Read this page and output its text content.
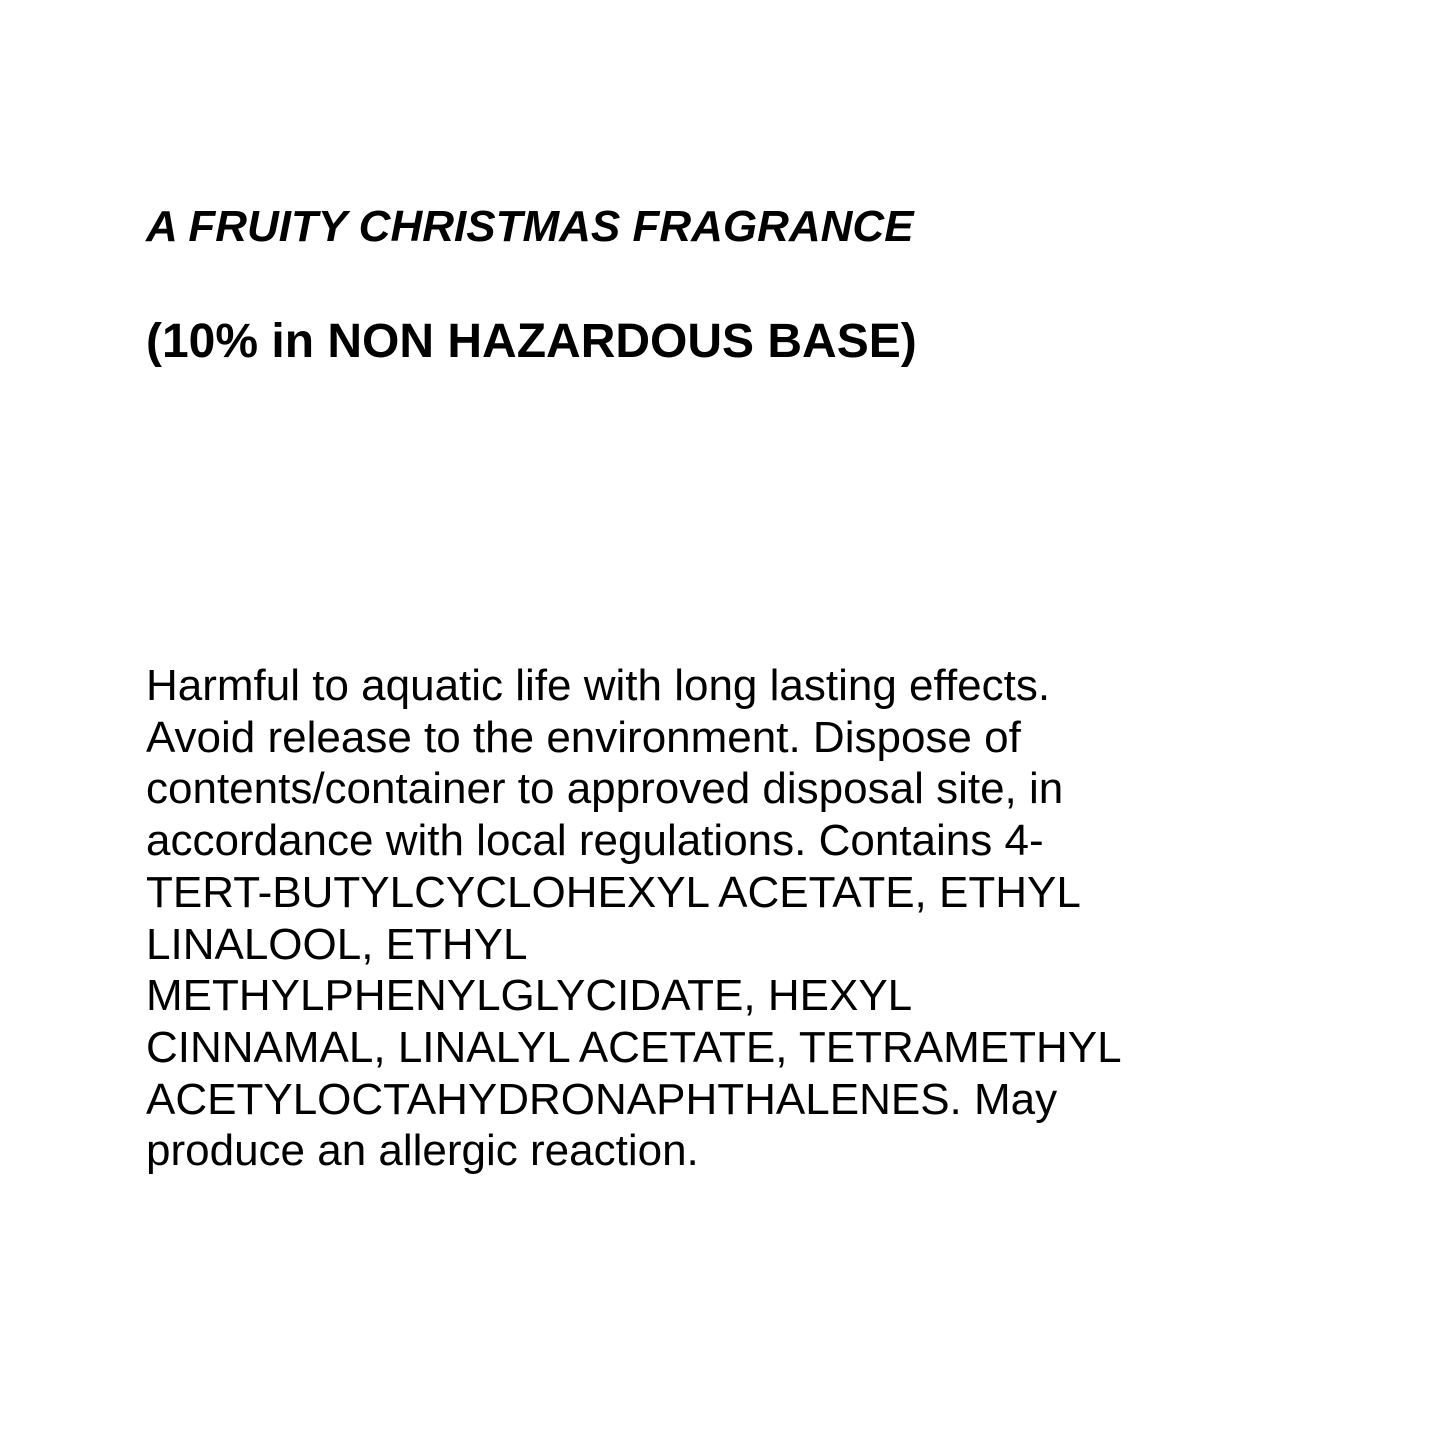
A FRUITY CHRISTMAS FRAGRANCE
(10% in NON HAZARDOUS BASE)

Harmful to aquatic life with long lasting effects.
Avoid release to the environment. Dispose of
contents/container to approved disposal site, in
accordance with local regulations. Contains 4-
TERT-BUTYLCYCLOHEXYL ACETATE, ETHYL
LINALOOL, ETHYL
METHYLPHENYLGLYCIDATE, HEXYL
CINNAMAL, LINALYL ACETATE, TETRAMETHYL
ACETYLOCTAHYDRONAPHTHALENES. May
produce an allergic reaction.
